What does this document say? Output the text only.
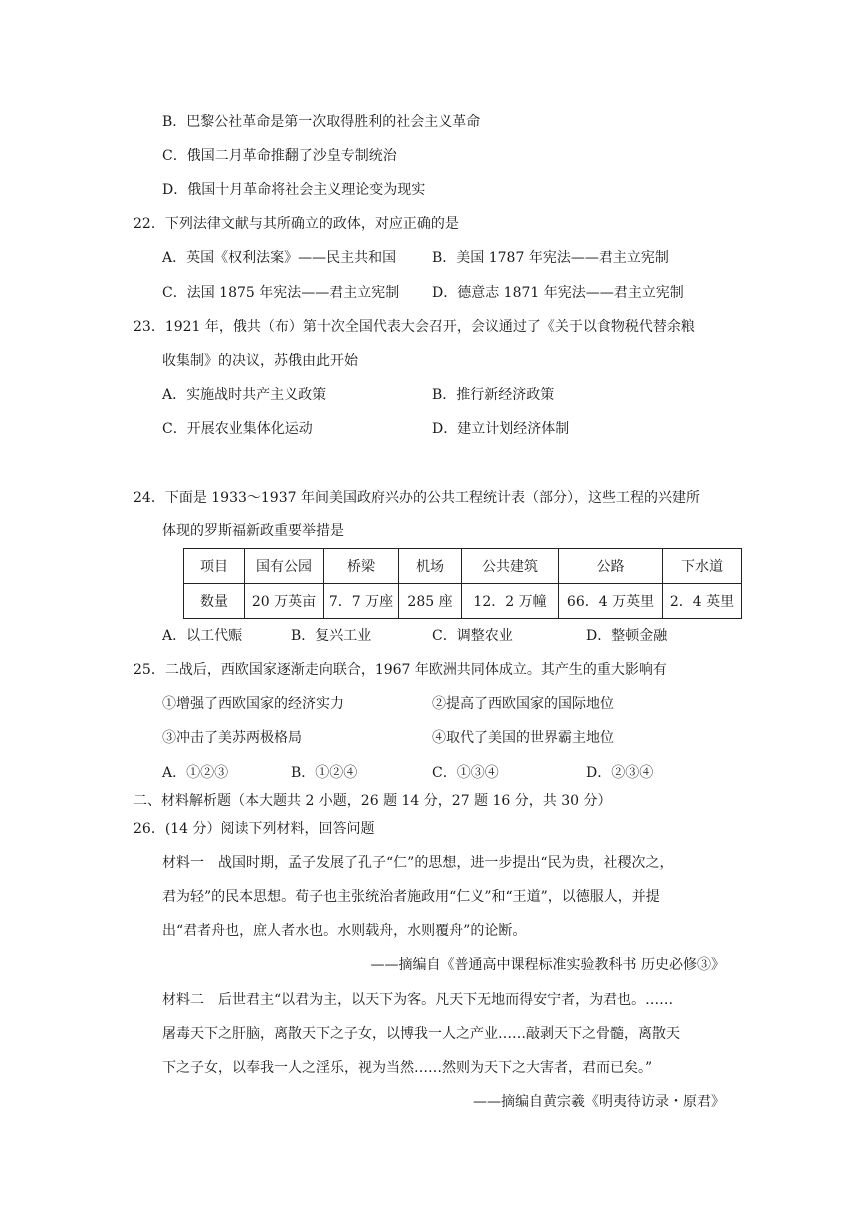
B．巴黎公社革命是第一次取得胜利的社会主义革命
C．俄国二月革命推翻了沙皇专制统治
D．俄国十月革命将社会主义理论变为现实
22．下列法律文献与其所确立的政体，对应正确的是
A．英国《权利法案》——民主共和国	B．美国 1787 年宪法——君主立宪制
C．法国 1875 年宪法——君主立宪制 D．德意志 1871 年宪法——君主立宪制
23．1921 年，俄共（布）第十次全国代表大会召开，会议通过了《关于以食物税代替余粮
收集制》的决议，苏俄由此开始
A．实施战时共产主义政策	B．推行新经济政策
C．开展农业集体化运动	D．建立计划经济体制
24．下面是 1933～1937 年间美国政府兴办的公共工程统计表（部分），这些工程的兴建所
体现的罗斯福新政重要举措是
项目	国有公园	桥梁	机场	公共建筑	公路	下水道
数量	20 万英亩	7．7 万座	285 座	12．2 万幢	66．4 万英里	2．4 英里
A．以工代赈	B．复兴工业	C．调整农业	D．整顿金融
25．二战后，西欧国家逐渐走向联合，1967 年欧洲共同体成立。其产生的重大影响有
①增强了西欧国家的经济实力	②提高了西欧国家的国际地位
③冲击了美苏两极格局	④取代了美国的世界霸主地位
A．①②③	B．①②④	C．①③④	D．②③④
二、材料解析题（本大题共 2 小题，26 题 14 分，27 题 16 分，共 30 分）
26．(14 分）阅读下列材料，回答问题
材料一　战国时期，孟子发展了孔子“仁”的思想，进一步提出“民为贵，社稷次之，
君为轻”的民本思想。荀子也主张统治者施政用“仁义”和“王道”，以德服人，并提
出“君者舟也，庶人者水也。水则载舟，水则覆舟”的论断。
——摘编自《普通高中课程标准实验教科书 历史必修③》
材料二　后世君主“以君为主，以天下为客。凡天下无地而得安宁者，为君也。……
屠毒天下之肝脑，离散天下之子女，以博我一人之产业……敲剥天下之骨髓，离散天
下之子女，以奉我一人之淫乐，视为当然……然则为天下之大害者，君而已矣。”
——摘编自黄宗羲《明夷待访录・原君》
